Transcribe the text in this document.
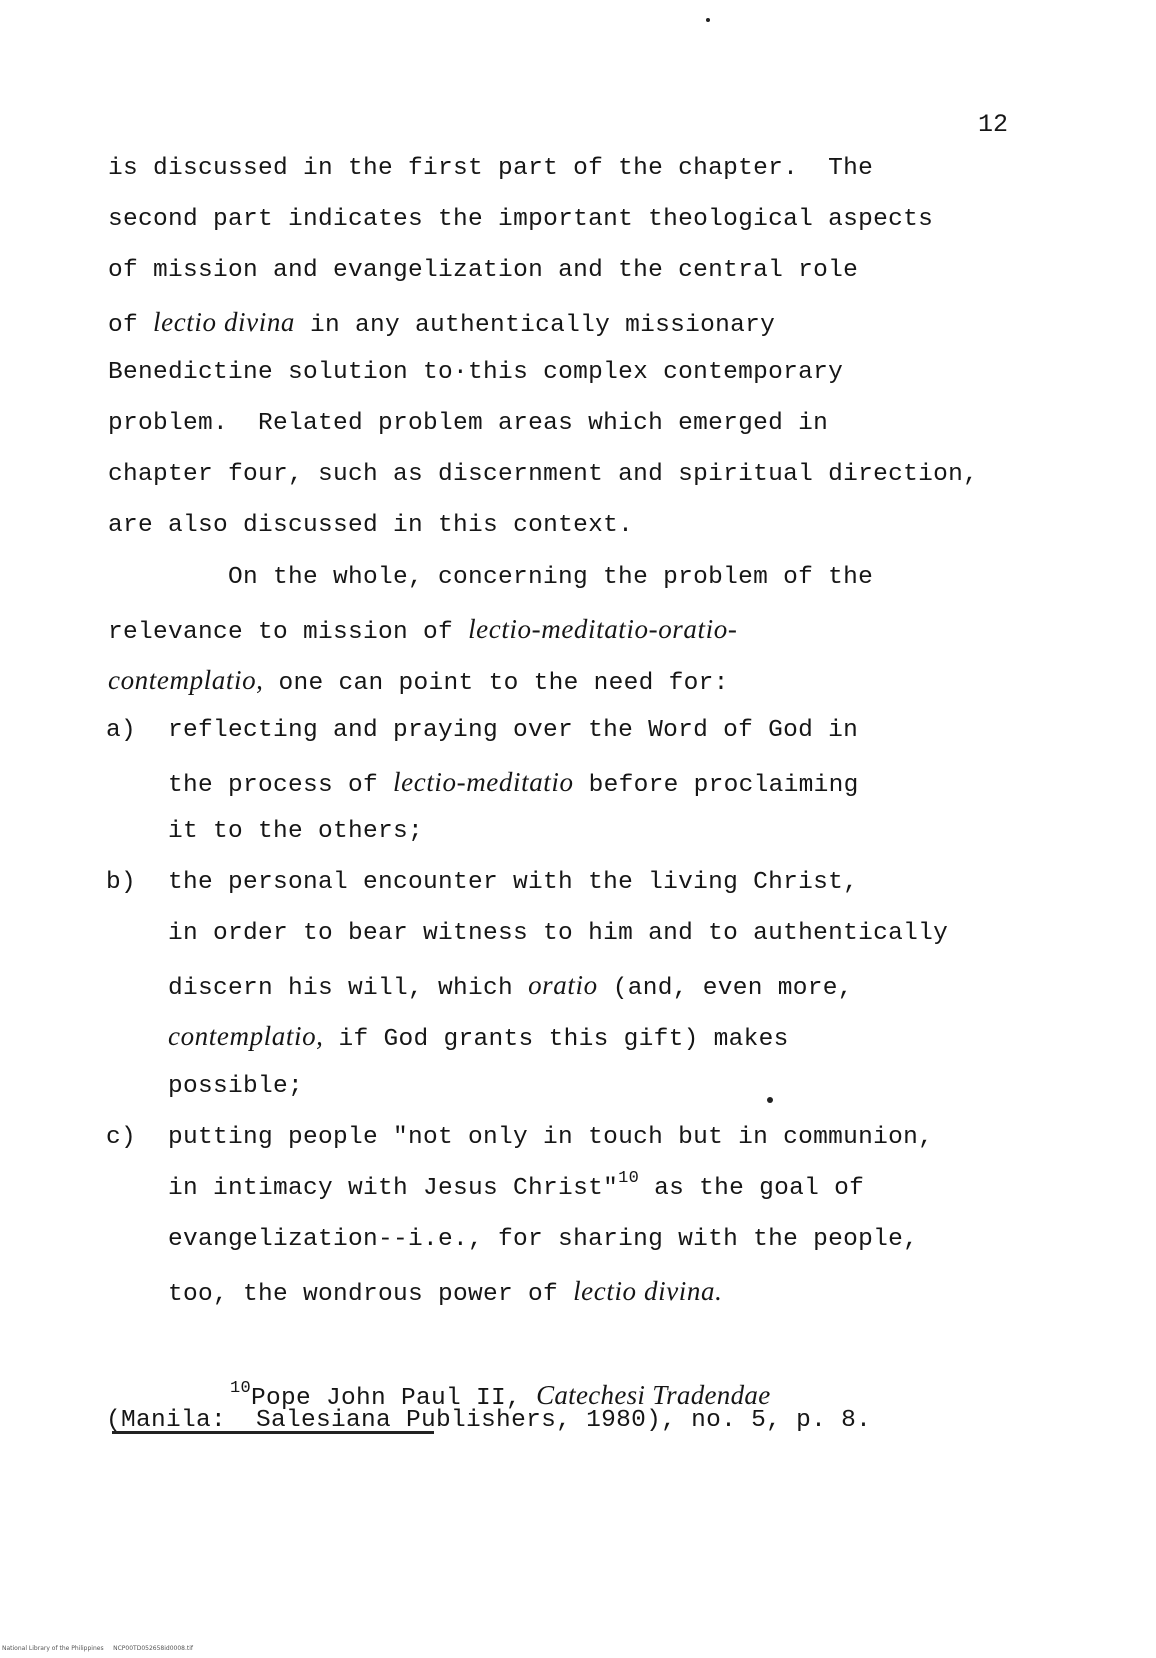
12
is discussed in the first part of the chapter.  The
second part indicates the important theological aspects
of mission and evangelization and the central role
of lectio divina in any authentically missionary
Benedictine solution to·this complex contemporary
problem.  Related problem areas which emerged in
chapter four, such as discernment and spiritual direction,
are also discussed in this context.
On the whole, concerning the problem of the
relevance to mission of lectio-meditatio-oratio-
contemplatio, one can point to the need for:
a) reflecting and praying over the Word of God in
the process of lectio-meditatio before proclaiming
it to the others;
b) the personal encounter with the living Christ,
in order to bear witness to him and to authentically
discern his will, which oratio (and, even more,
contemplatio, if God grants this gift) makes
possible;
c) putting people "not only in touch but in communion,
in intimacy with Jesus Christ"$^{10}$ as the goal of
evangelization--i.e., for sharing with the people,
too, the wondrous power of lectio divina.
$^{10}$Pope John Paul II, Catechesi Tradendae
(Manila:  Salesiana Publishers, 1980), no. 5, p. 8.
National Library of the Philippines     NCP00TD052658id0008.tif
